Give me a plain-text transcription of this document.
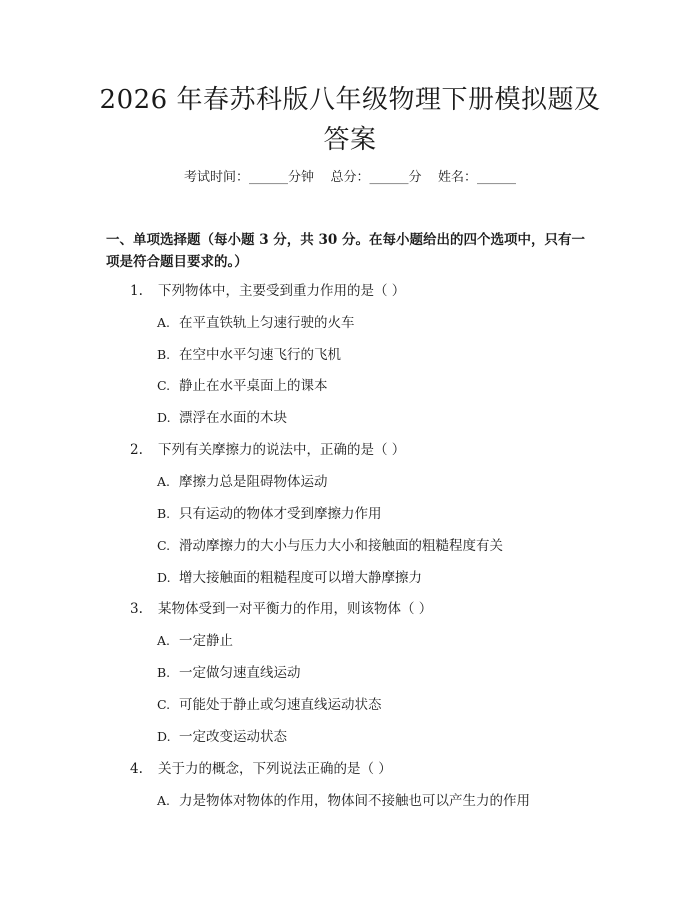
2026 年春苏科版八年级物理下册模拟题及答案
考试时间：______分钟    总分：______分    姓名：______
一、单项选择题（每小题 3 分，共 30 分。在每小题给出的四个选项中，只有一项是符合题目要求的。）
1. 下列物体中，主要受到重力作用的是（ ）
A. 在平直铁轨上匀速行驶的火车
B. 在空中水平匀速飞行的飞机
C. 静止在水平桌面上的课本
D. 漂浮在水面的木块
2. 下列有关摩擦力的说法中，正确的是（ ）
A. 摩擦力总是阻碍物体运动
B. 只有运动的物体才受到摩擦力作用
C. 滑动摩擦力的大小与压力大小和接触面的粗糙程度有关
D. 增大接触面的粗糙程度可以增大静摩擦力
3. 某物体受到一对平衡力的作用，则该物体（ ）
A. 一定静止
B. 一定做匀速直线运动
C. 可能处于静止或匀速直线运动状态
D. 一定改变运动状态
4. 关于力的概念，下列说法正确的是（ ）
A. 力是物体对物体的作用，物体间不接触也可以产生力的作用
